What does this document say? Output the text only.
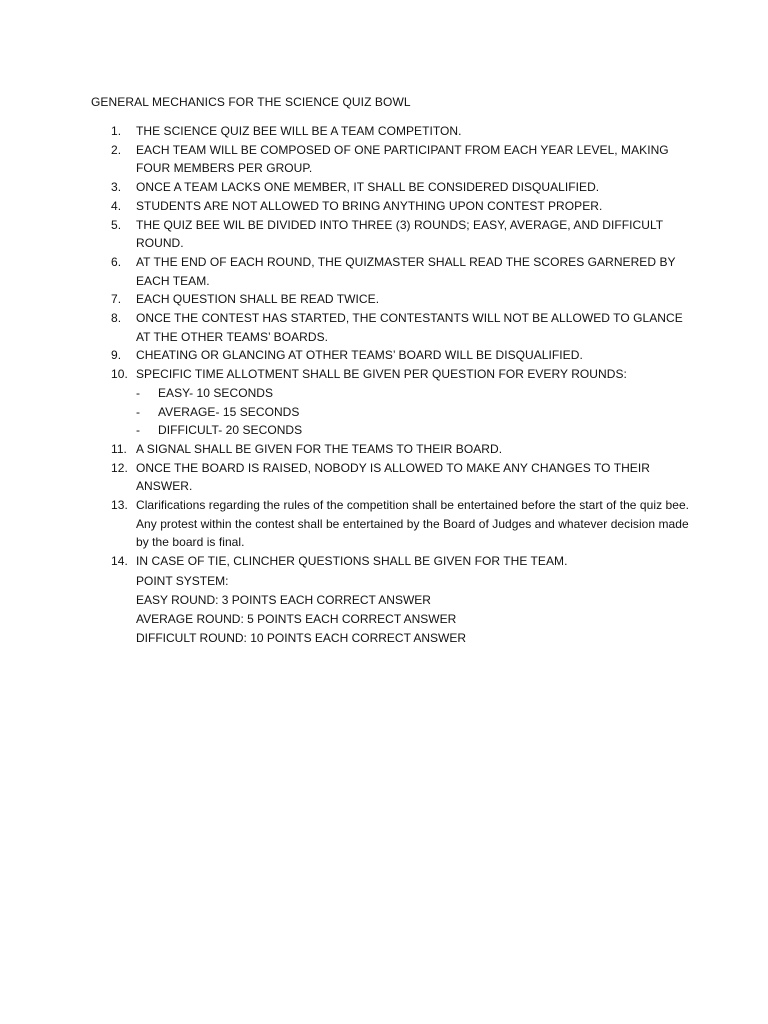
GENERAL MECHANICS FOR THE SCIENCE QUIZ BOWL
1. THE SCIENCE QUIZ BEE WILL BE A TEAM COMPETITON.
2. EACH TEAM WILL BE COMPOSED OF ONE PARTICIPANT FROM EACH YEAR LEVEL, MAKING FOUR MEMBERS PER GROUP.
3. ONCE A TEAM LACKS ONE MEMBER, IT SHALL BE CONSIDERED DISQUALIFIED.
4. STUDENTS ARE NOT ALLOWED TO BRING ANYTHING UPON CONTEST PROPER.
5. THE QUIZ BEE WIL BE DIVIDED INTO THREE (3) ROUNDS; EASY, AVERAGE, AND DIFFICULT ROUND.
6. AT THE END OF EACH ROUND, THE QUIZMASTER SHALL READ THE SCORES GARNERED BY EACH TEAM.
7. EACH QUESTION SHALL BE READ TWICE.
8. ONCE THE CONTEST HAS STARTED, THE CONTESTANTS WILL NOT BE ALLOWED TO GLANCE AT THE OTHER TEAMS’ BOARDS.
9. CHEATING OR GLANCING AT OTHER TEAMS’ BOARD WILL BE DISQUALIFIED.
10. SPECIFIC TIME ALLOTMENT SHALL BE GIVEN PER QUESTION FOR EVERY ROUNDS:
- EASY- 10 SECONDS
- AVERAGE- 15 SECONDS
- DIFFICULT- 20 SECONDS
11. A SIGNAL SHALL BE GIVEN FOR THE TEAMS TO THEIR BOARD.
12. ONCE THE BOARD IS RAISED, NOBODY IS ALLOWED TO MAKE ANY CHANGES TO THEIR ANSWER.
13. Clarifications regarding the rules of the competition shall be entertained before the start of the quiz bee. Any protest within the contest shall be entertained by the Board of Judges and whatever decision made by the board is final.
14. IN CASE OF TIE, CLINCHER QUESTIONS SHALL BE GIVEN FOR THE TEAM.
POINT SYSTEM:
EASY ROUND: 3 POINTS EACH CORRECT ANSWER
AVERAGE ROUND: 5 POINTS EACH CORRECT ANSWER
DIFFICULT ROUND: 10 POINTS EACH CORRECT ANSWER
